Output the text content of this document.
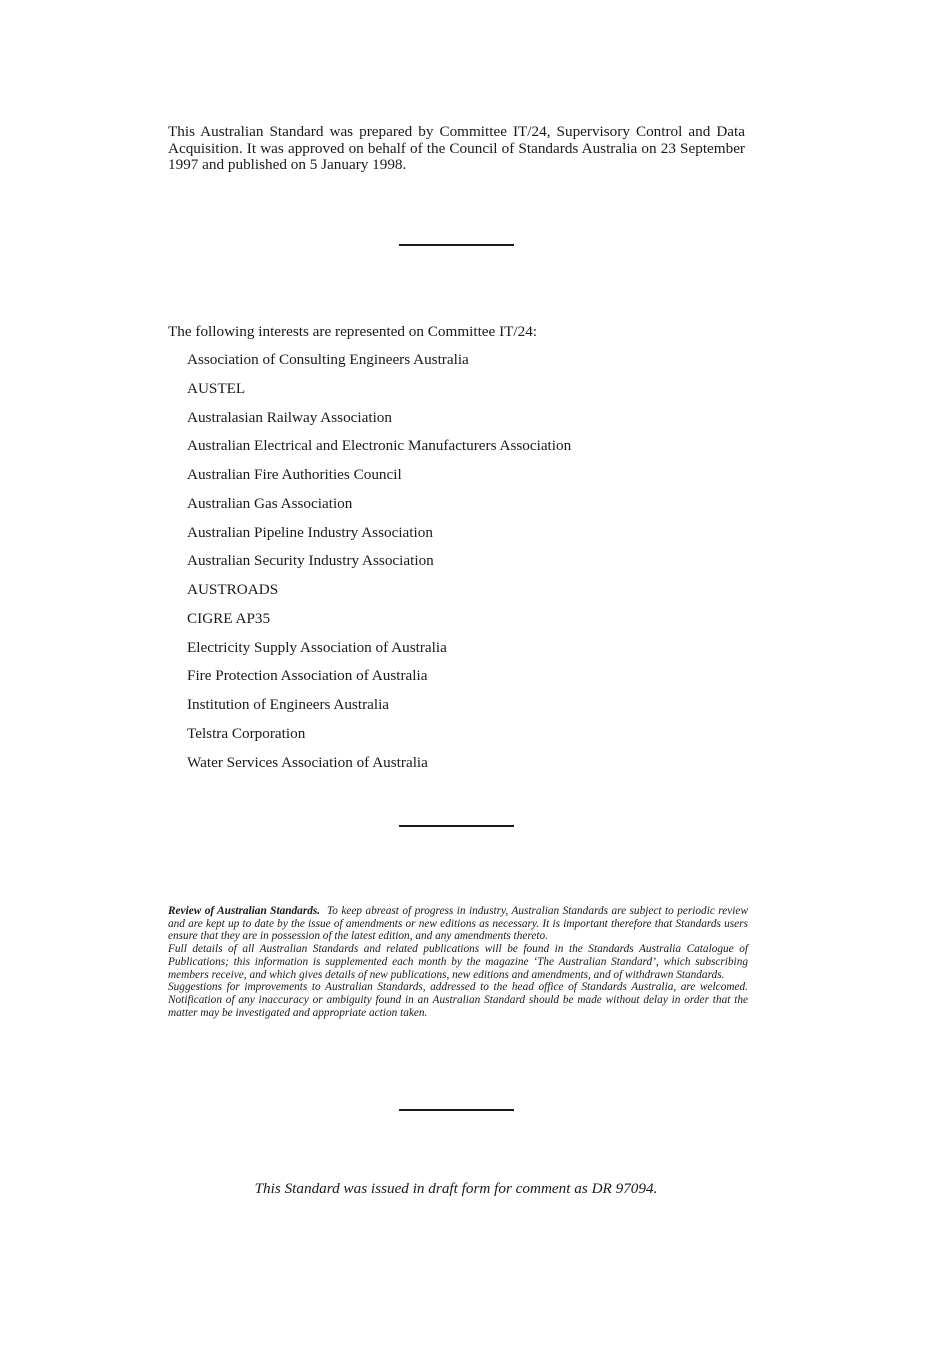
This Australian Standard was prepared by Committee IT/24, Supervisory Control and Data Acquisition. It was approved on behalf of the Council of Standards Australia on 23 September 1997 and published on 5 January 1998.

The following interests are represented on Committee IT/24:

Association of Consulting Engineers Australia
AUSTEL
Australasian Railway Association
Australian Electrical and Electronic Manufacturers Association
Australian Fire Authorities Council
Australian Gas Association
Australian Pipeline Industry Association
Australian Security Industry Association
AUSTROADS
CIGRE AP35
Electricity Supply Association of Australia
Fire Protection Association of Australia
Institution of Engineers Australia
Telstra Corporation
Water Services Association of Australia

Review of Australian Standards. To keep abreast of progress in industry, Australian Standards are subject to periodic review and are kept up to date by the issue of amendments or new editions as necessary. It is important therefore that Standards users ensure that they are in possession of the latest edition, and any amendments thereto.

Full details of all Australian Standards and related publications will be found in the Standards Australia Catalogue of Publications; this information is supplemented each month by the magazine ‘The Australian Standard’, which subscribing members receive, and which gives details of new publications, new editions and amendments, and of withdrawn Standards.

Suggestions for improvements to Australian Standards, addressed to the head office of Standards Australia, are welcomed. Notification of any inaccuracy or ambiguity found in an Australian Standard should be made without delay in order that the matter may be investigated and appropriate action taken.

This Standard was issued in draft form for comment as DR 97094.
